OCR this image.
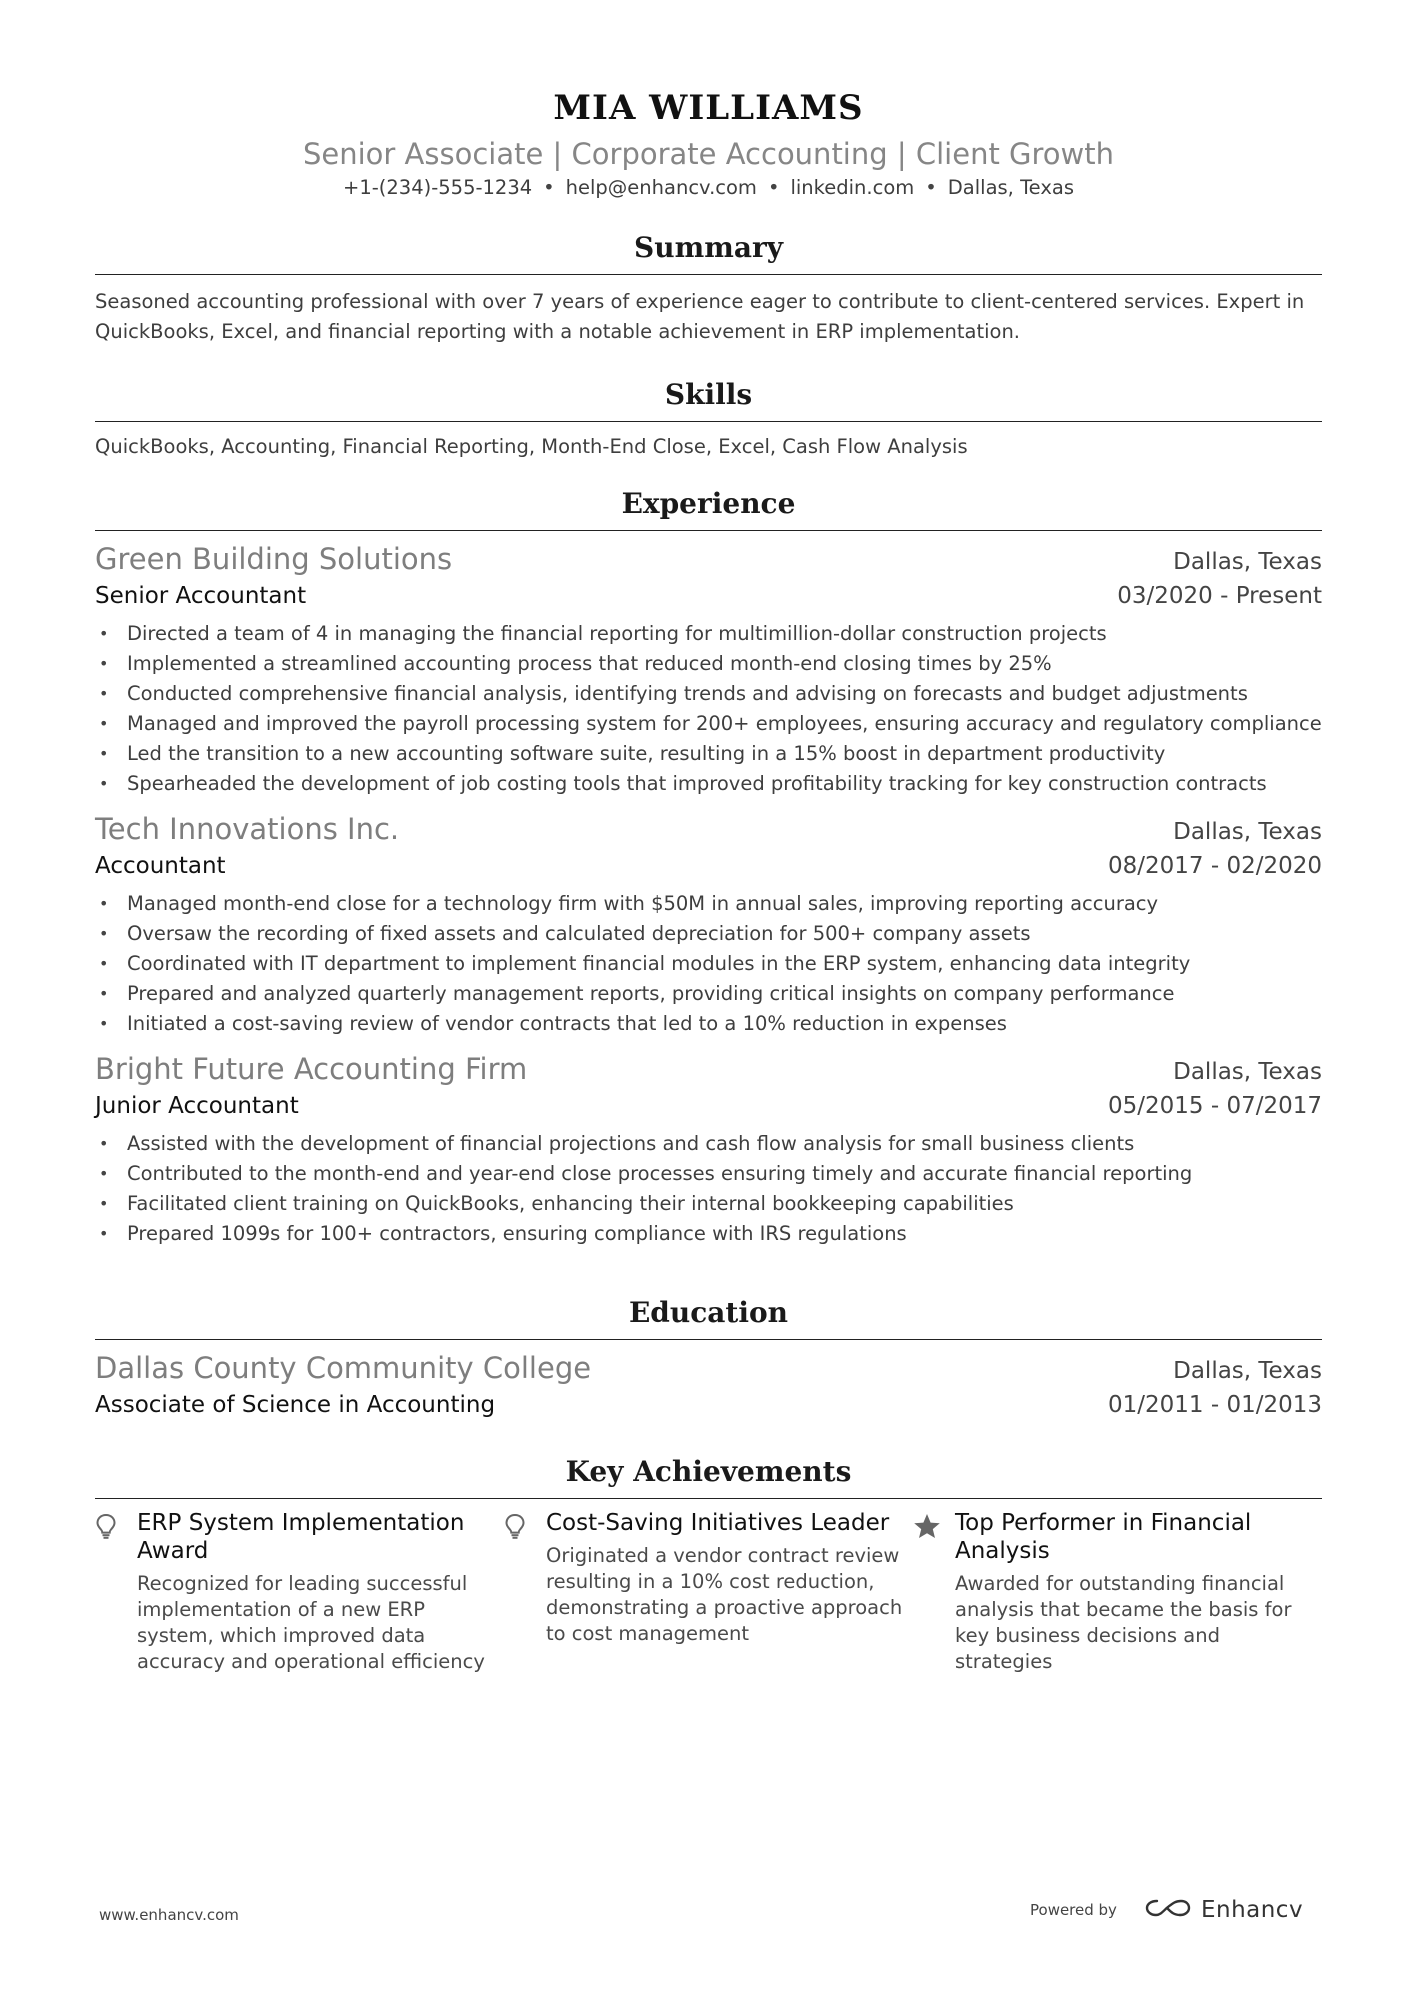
MIA WILLIAMS
Senior Associate | Corporate Accounting | Client Growth
+1-(234)-555-1234 • help@enhancv.com • linkedin.com • Dallas, Texas
Summary
Seasoned accounting professional with over 7 years of experience eager to contribute to client-centered services. Expert in QuickBooks, Excel, and financial reporting with a notable achievement in ERP implementation.
Skills
QuickBooks, Accounting, Financial Reporting, Month-End Close, Excel, Cash Flow Analysis
Experience
Green Building Solutions	Dallas, Texas
Senior Accountant	03/2020 - Present
• Directed a team of 4 in managing the financial reporting for multimillion-dollar construction projects
• Implemented a streamlined accounting process that reduced month-end closing times by 25%
• Conducted comprehensive financial analysis, identifying trends and advising on forecasts and budget adjustments
• Managed and improved the payroll processing system for 200+ employees, ensuring accuracy and regulatory compliance
• Led the transition to a new accounting software suite, resulting in a 15% boost in department productivity
• Spearheaded the development of job costing tools that improved profitability tracking for key construction contracts
Tech Innovations Inc.	Dallas, Texas
Accountant	08/2017 - 02/2020
• Managed month-end close for a technology firm with $50M in annual sales, improving reporting accuracy
• Oversaw the recording of fixed assets and calculated depreciation for 500+ company assets
• Coordinated with IT department to implement financial modules in the ERP system, enhancing data integrity
• Prepared and analyzed quarterly management reports, providing critical insights on company performance
• Initiated a cost-saving review of vendor contracts that led to a 10% reduction in expenses
Bright Future Accounting Firm	Dallas, Texas
Junior Accountant	05/2015 - 07/2017
• Assisted with the development of financial projections and cash flow analysis for small business clients
• Contributed to the month-end and year-end close processes ensuring timely and accurate financial reporting
• Facilitated client training on QuickBooks, enhancing their internal bookkeeping capabilities
• Prepared 1099s for 100+ contractors, ensuring compliance with IRS regulations
Education
Dallas County Community College	Dallas, Texas
Associate of Science in Accounting	01/2011 - 01/2013
Key Achievements
ERP System Implementation Award
Recognized for leading successful implementation of a new ERP system, which improved data accuracy and operational efficiency
Cost-Saving Initiatives Leader
Originated a vendor contract review resulting in a 10% cost reduction, demonstrating a proactive approach to cost management
Top Performer in Financial Analysis
Awarded for outstanding financial analysis that became the basis for key business decisions and strategies
www.enhancv.com	Powered by	Enhancv
